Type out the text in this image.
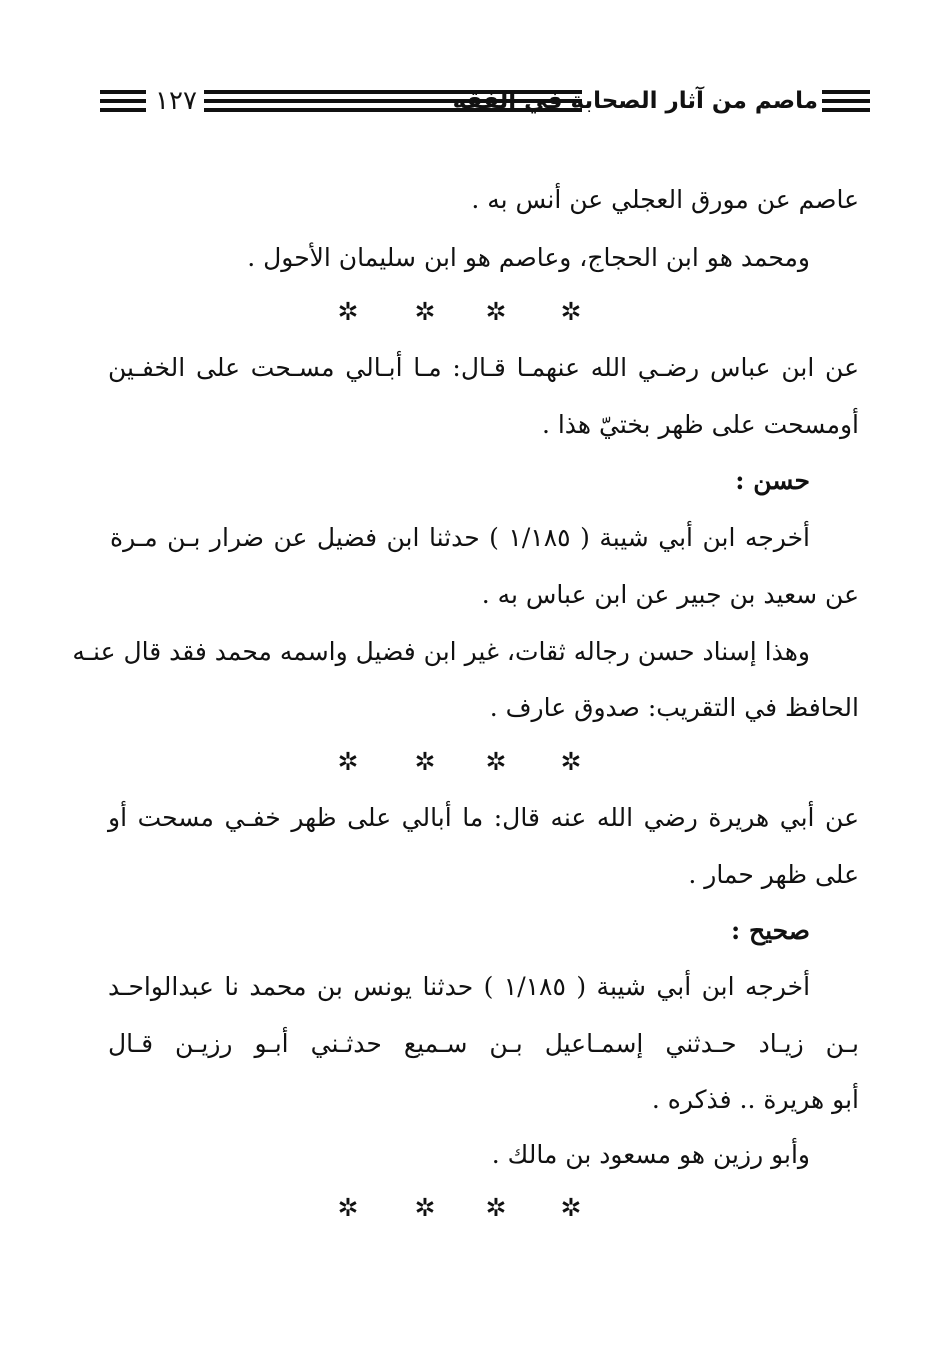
١٢٧	ماصم من آثار الصحابة في الفقه
عاصم عن مورق العجلي عن أنس به .
ومحمد هو ابن الحجاج، وعاصم هو ابن سليمان الأحول .
✲
✲
✲
✲
عن ابن عباس رضـي الله عنهمـا قـال: مـا أبـالي مسـحت على الخفـين
أومسحت على ظهر بختيّ هذا .
حسن :
أخرجه ابن أبي شيبة ( ١/١٨٥ ) حدثنا ابن فضيل عن ضرار بـن مـرة
عن سعيد بن جبير عن ابن عباس به .
وهذا إسناد حسن رجاله ثقات، غير ابن فضيل واسمه محمد فقد قال عنـه
الحافظ في التقريب: صدوق عارف .
✲
✲
✲
✲
عن أبي هريرة رضي الله عنه قال: ما أبالي على ظهر خفـي مسحت أو
على ظهر حمار .
صحيح :
أخرجه ابن أبي شيبة ( ١/١٨٥ ) حدثنا يونس بن محمد نا عبدالواحـد
بـن زيـاد حـدثني إسمـاعيل بـن سـميع حدثـني أبـو رزيـن قـال
أبو هريرة .. فذكره .
وأبو رزين هو مسعود بن مالك .
✲
✲
✲
✲
